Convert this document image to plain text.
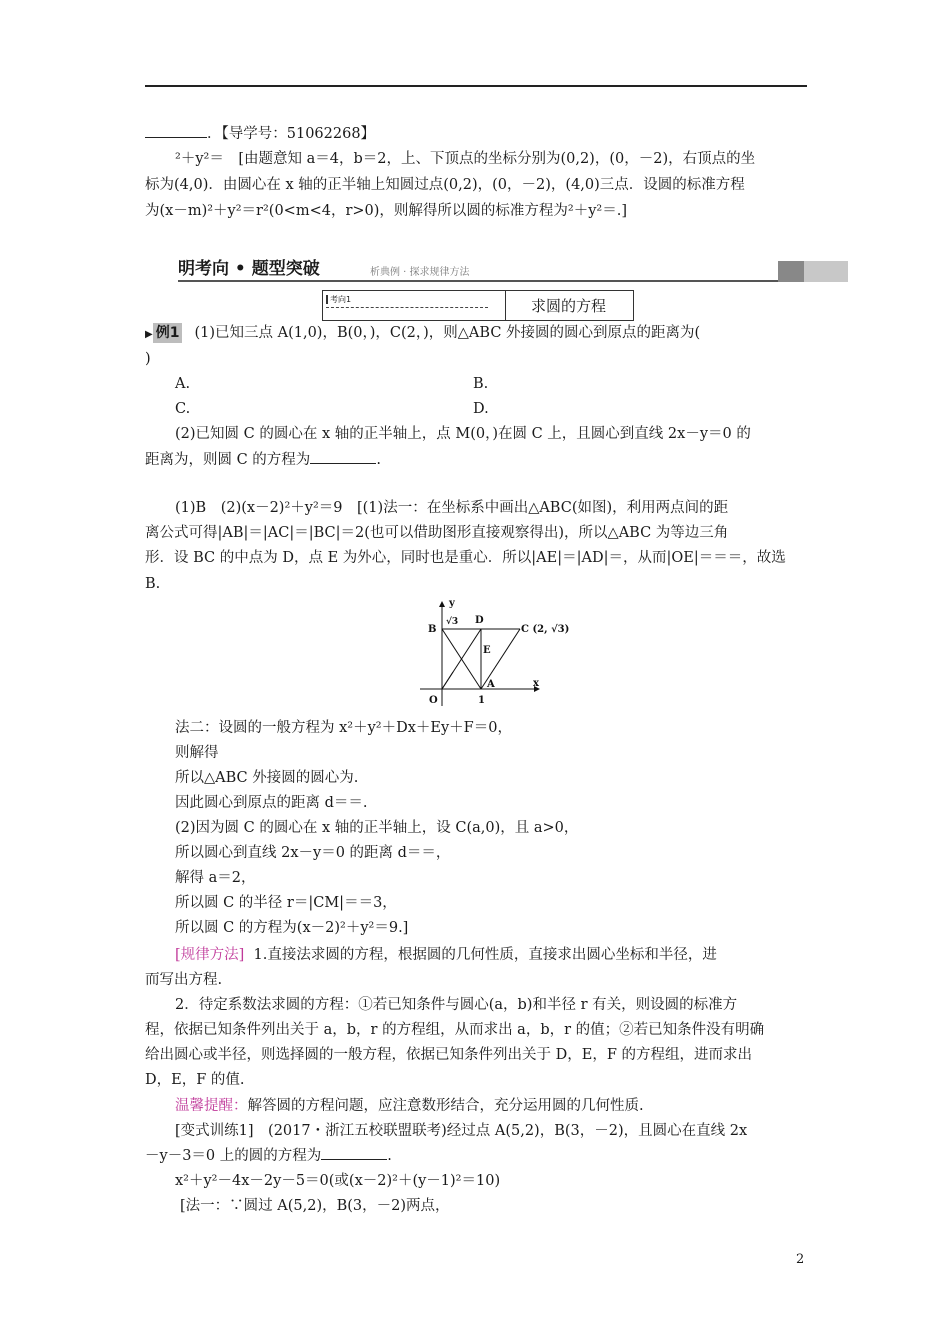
．【导学号：51062268】
²＋y²＝　[由题意知 a＝4，b＝2，上、下顶点的坐标分别为(0,2)，(0，－2)，右顶点的坐
标为(4,0)．由圆心在 x 轴的正半轴上知圆过点(0,2)，(0，－2)，(4,0)三点．设圆的标准方程
为(x－m)²＋y²＝r²(0<m<4，r>0)，则解得所以圆的标准方程为²＋y²＝.]
明考向 • 题型突破	析典例 · 探求规律方法
考向1	求圆的方程
▶ 例1 (1)已知三点 A(1,0)，B(0，)，C(2，)，则△ABC 外接圆的圆心到原点的距离为(
)
A.	B.
C.	D.
(2)已知圆 C 的圆心在 x 轴的正半轴上，点 M(0，)在圆 C 上，且圆心到直线 2x－y＝0 的
距离为，则圆 C 的方程为	.
(1)B　(2)(x－2)²＋y²＝9　[(1)法一：在坐标系中画出△ABC(如图)，利用两点间的距
离公式可得|AB|＝|AC|＝|BC|＝2(也可以借助图形直接观察得出)，所以△ABC 为等边三角
形．设 BC 的中点为 D，点 E 为外心，同时也是重心．所以|AE|＝|AD|＝，从而|OE|＝＝＝，故选
B.
y
x
√3
B
D
C (2, √3)
E
O
A
1
法二：设圆的一般方程为 x²＋y²＋Dx＋Ey＋F＝0，
则解得
所以△ABC 外接圆的圆心为.
因此圆心到原点的距离 d＝＝.
(2)因为圆 C 的圆心在 x 轴的正半轴上，设 C(a,0)，且 a>0，
所以圆心到直线 2x－y＝0 的距离 d＝＝，
解得 a＝2，
所以圆 C 的半径 r＝|CM|＝＝3，
所以圆 C 的方程为(x－2)²＋y²＝9.]
[规律方法] 1.直接法求圆的方程，根据圆的几何性质，直接求出圆心坐标和半径，进
而写出方程.
2．待定系数法求圆的方程：①若已知条件与圆心(a，b)和半径 r 有关，则设圆的标准方
程，依据已知条件列出关于 a，b，r 的方程组，从而求出 a，b，r 的值；②若已知条件没有明确
给出圆心或半径，则选择圆的一般方程，依据已知条件列出关于 D，E，F 的方程组，进而求出
D，E，F 的值.
温馨提醒：解答圆的方程问题，应注意数形结合，充分运用圆的几何性质.
[变式训练1]　(2017・浙江五校联盟联考)经过点 A(5,2)，B(3，－2)，且圆心在直线 2x
－y－3＝0 上的圆的方程为	.
x²＋y²－4x－2y－5＝0(或(x－2)²＋(y－1)²＝10)
[法一：∵圆过 A(5,2)，B(3，－2)两点，
2
